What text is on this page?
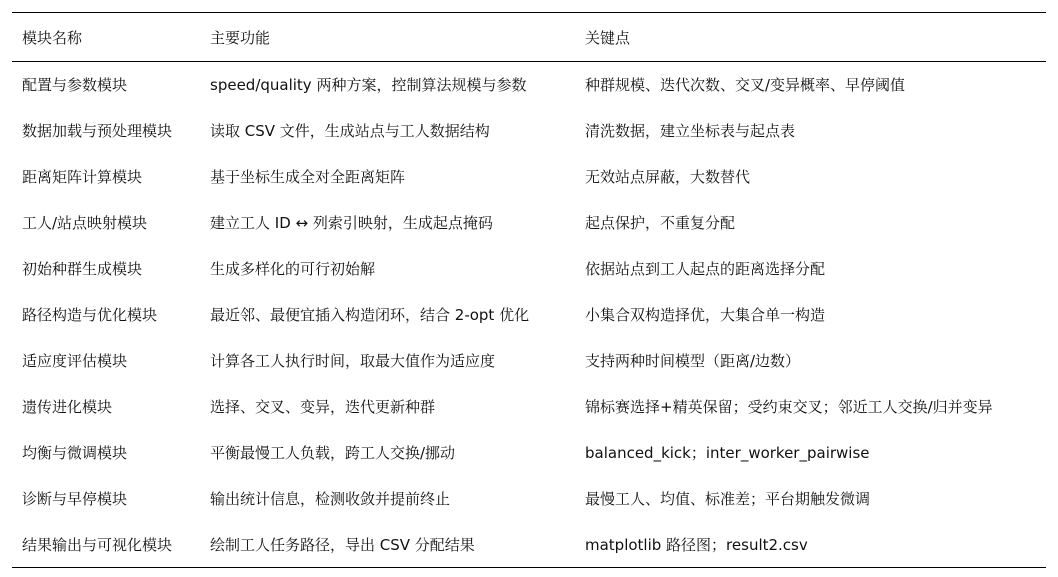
模块名称	主要功能	关键点
配置与参数模块	speed/quality 两种方案，控制算法规模与参数	种群规模、迭代次数、交叉/变异概率、早停阈值
数据加载与预处理模块	读取 CSV 文件，生成站点与工人数据结构	清洗数据，建立坐标表与起点表
距离矩阵计算模块	基于坐标生成全对全距离矩阵	无效站点屏蔽，大数替代
工人/站点映射模块	建立工人 ID ↔ 列索引映射，生成起点掩码	起点保护，不重复分配
初始种群生成模块	生成多样化的可行初始解	依据站点到工人起点的距离选择分配
路径构造与优化模块	最近邻、最便宜插入构造闭环，结合 2-opt 优化	小集合双构造择优，大集合单一构造
适应度评估模块	计算各工人执行时间，取最大值作为适应度	支持两种时间模型（距离/边数）
遗传进化模块	选择、交叉、变异，迭代更新种群	锦标赛选择+精英保留；受约束交叉；邻近工人交换/归并变异
均衡与微调模块	平衡最慢工人负载，跨工人交换/挪动	balanced_kick；inter_worker_pairwise
诊断与早停模块	输出统计信息，检测收敛并提前终止	最慢工人、均值、标准差；平台期触发微调
结果输出与可视化模块	绘制工人任务路径，导出 CSV 分配结果	matplotlib 路径图；result2.csv
